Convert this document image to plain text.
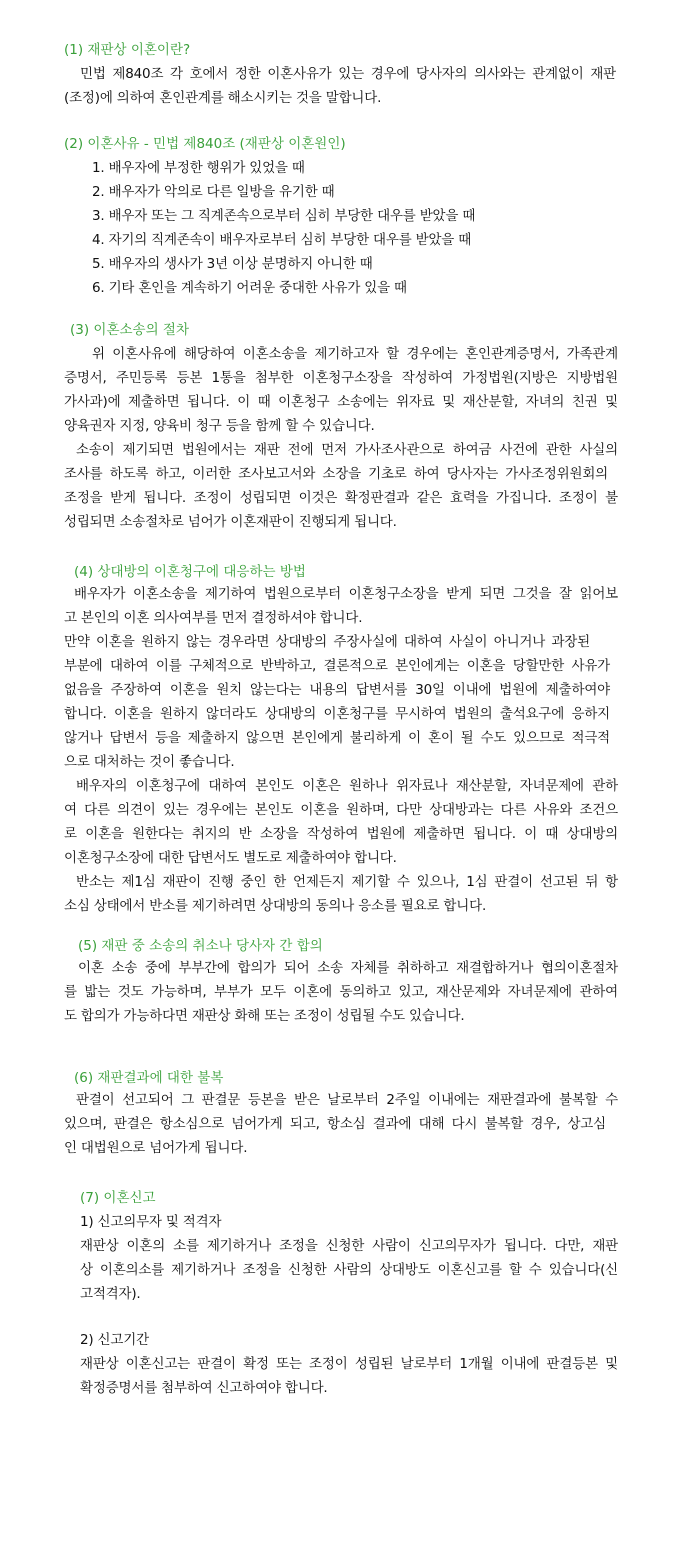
(1) 재판상 이혼이란?
민법 제840조 각 호에서 정한 이혼사유가 있는 경우에 당사자의 의사와는 관계없이 재판
(조정)에 의하여 혼인관계를 해소시키는 것을 말합니다.
(2) 이혼사유 - 민법 제840조 (재판상 이혼원인)
1. 배우자에 부정한 행위가 있었을 때
2. 배우자가 악의로 다른 일방을 유기한 때
3. 배우자 또는 그 직계존속으로부터 심히 부당한 대우를 받았을 때
4. 자기의 직계존속이 배우자로부터 심히 부당한 대우를 받았을 때
5. 배우자의 생사가 3년 이상 분명하지 아니한 때
6. 기타 혼인을 계속하기 어려운 중대한 사유가 있을 때
(3) 이혼소송의 절차
위 이혼사유에 해당하여 이혼소송을 제기하고자 할 경우에는 혼인관계증명서, 가족관계
증명서, 주민등록 등본 1통을 첨부한 이혼청구소장을 작성하여 가정법원(지방은 지방법원
가사과)에 제출하면 됩니다. 이 때 이혼청구 소송에는 위자료 및 재산분할, 자녀의 친권 및
양육권자 지정, 양육비 청구 등을 함께 할 수 있습니다.
소송이 제기되면 법원에서는 재판 전에 먼저 가사조사관으로 하여금 사건에 관한 사실의
조사를 하도록 하고, 이러한 조사보고서와 소장을 기초로 하여 당사자는 가사조정위원회의
조정을 받게 됩니다. 조정이 성립되면 이것은 확정판결과 같은 효력을 가집니다. 조정이 불
성립되면 소송절차로 넘어가 이혼재판이 진행되게 됩니다.
(4) 상대방의 이혼청구에 대응하는 방법
배우자가 이혼소송을 제기하여 법원으로부터 이혼청구소장을 받게 되면 그것을 잘 읽어보
고 본인의 이혼 의사여부를 먼저 결정하셔야 합니다.
만약 이혼을 원하지 않는 경우라면 상대방의 주장사실에 대하여 사실이 아니거나 과장된
부분에 대하여 이를 구체적으로 반박하고, 결론적으로 본인에게는 이혼을 당할만한 사유가
없음을 주장하여 이혼을 원치 않는다는 내용의 답변서를 30일 이내에 법원에 제출하여야
합니다. 이혼을 원하지 않더라도 상대방의 이혼청구를 무시하여 법원의 출석요구에 응하지
않거나 답변서 등을 제출하지 않으면 본인에게 불리하게 이 혼이 될 수도 있으므로 적극적
으로 대처하는 것이 좋습니다.
배우자의 이혼청구에 대하여 본인도 이혼은 원하나 위자료나 재산분할, 자녀문제에 관하
여 다른 의견이 있는 경우에는 본인도 이혼을 원하며, 다만 상대방과는 다른 사유와 조건으
로 이혼을 원한다는 취지의 반 소장을 작성하여 법원에 제출하면 됩니다. 이 때 상대방의
이혼청구소장에 대한 답변서도 별도로 제출하여야 합니다.
반소는 제1심 재판이 진행 중인 한 언제든지 제기할 수 있으나, 1심 판결이 선고된 뒤 항
소심 상태에서 반소를 제기하려면 상대방의 동의나 응소를 필요로 합니다.
(5) 재판 중 소송의 취소나 당사자 간 합의
이혼 소송 중에 부부간에 합의가 되어 소송 자체를 취하하고 재결합하거나 협의이혼절차
를 밟는 것도 가능하며, 부부가 모두 이혼에 동의하고 있고, 재산문제와 자녀문제에 관하여
도 합의가 가능하다면 재판상 화해 또는 조정이 성립될 수도 있습니다.
(6) 재판결과에 대한 불복
판결이 선고되어 그 판결문 등본을 받은 날로부터 2주일 이내에는 재판결과에 불복할 수
있으며, 판결은 항소심으로 넘어가게 되고, 항소심 결과에 대해 다시 불복할 경우, 상고심
인 대법원으로 넘어가게 됩니다.
(7) 이혼신고
1) 신고의무자 및 적격자
재판상 이혼의 소를 제기하거나 조정을 신청한 사람이 신고의무자가 됩니다. 다만, 재판
상 이혼의소를 제기하거나 조정을 신청한 사람의 상대방도 이혼신고를 할 수 있습니다(신
고적격자).
2) 신고기간
재판상 이혼신고는 판결이 확정 또는 조정이 성립된 날로부터 1개월 이내에 판결등본 및
확정증명서를 첨부하여 신고하여야 합니다.
